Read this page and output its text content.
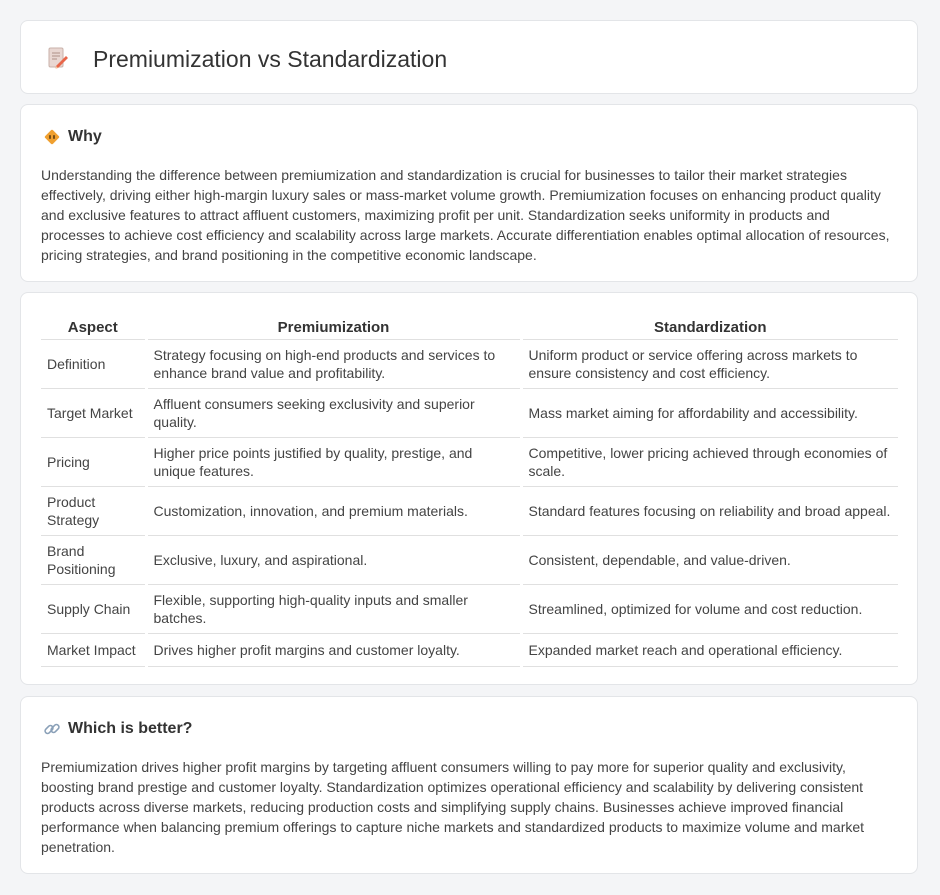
Premiumization vs Standardization
Why

Understanding the difference between premiumization and standardization is crucial for businesses to tailor their market strategies effectively, driving either high-margin luxury sales or mass-market volume growth. Premiumization focuses on enhancing product quality and exclusive features to attract affluent customers, maximizing profit per unit. Standardization seeks uniformity in products and processes to achieve cost efficiency and scalability across large markets. Accurate differentiation enables optimal allocation of resources, pricing strategies, and brand positioning in the competitive economic landscape.

Aspect	Premiumization	Standardization
Definition	Strategy focusing on high-end products and services to enhance brand value and profitability.	Uniform product or service offering across markets to ensure consistency and cost efficiency.
Target Market	Affluent consumers seeking exclusivity and superior quality.	Mass market aiming for affordability and accessibility.
Pricing	Higher price points justified by quality, prestige, and unique features.	Competitive, lower pricing achieved through economies of scale.
Product Strategy	Customization, innovation, and premium materials.	Standard features focusing on reliability and broad appeal.
Brand Positioning	Exclusive, luxury, and aspirational.	Consistent, dependable, and value-driven.
Supply Chain	Flexible, supporting high-quality inputs and smaller batches.	Streamlined, optimized for volume and cost reduction.
Market Impact	Drives higher profit margins and customer loyalty.	Expanded market reach and operational efficiency.
Which is better?

Premiumization drives higher profit margins by targeting affluent consumers willing to pay more for superior quality and exclusivity, boosting brand prestige and customer loyalty. Standardization optimizes operational efficiency and scalability by delivering consistent products across diverse markets, reducing production costs and simplifying supply chains. Businesses achieve improved financial performance when balancing premium offerings to capture niche markets and standardized products to maximize volume and market penetration.
